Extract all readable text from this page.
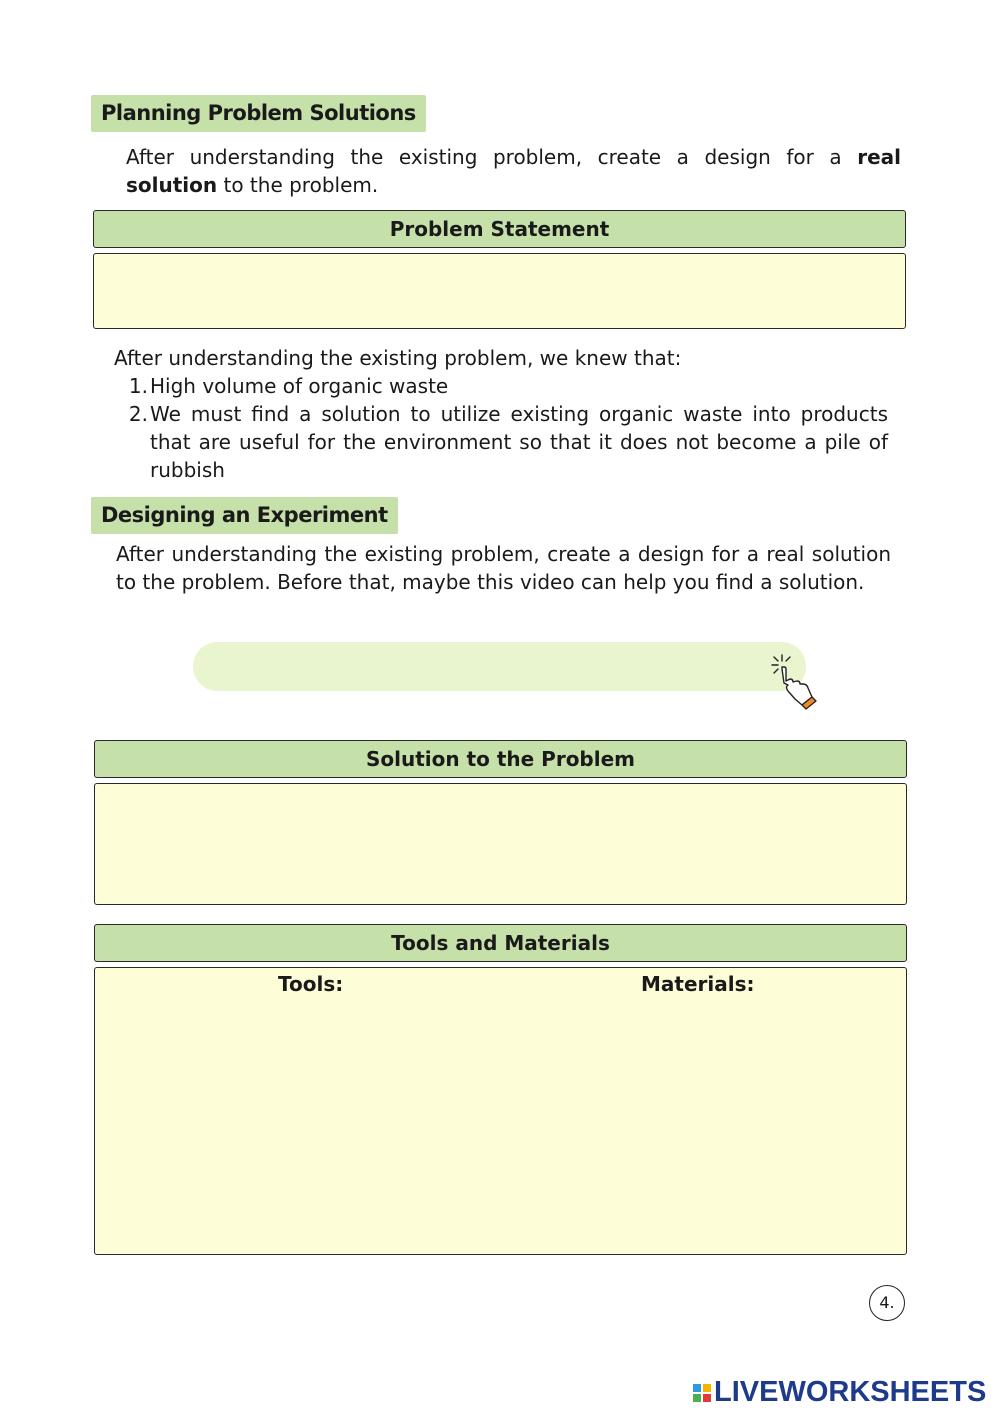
Planning Problem Solutions
After understanding the existing problem, create a design for a real solution to the problem.
Problem Statement
After understanding the existing problem, we knew that:
1. High volume of organic waste
2. We must find a solution to utilize existing organic waste into products that are useful for the environment so that it does not become a pile of rubbish
Designing an Experiment
After understanding the existing problem, create a design for a real solution to the problem. Before that, maybe this video can help you find a solution.
Solution to the Problem
Tools and Materials
Tools:	Materials:
4.
LIVEWORKSHEETS
